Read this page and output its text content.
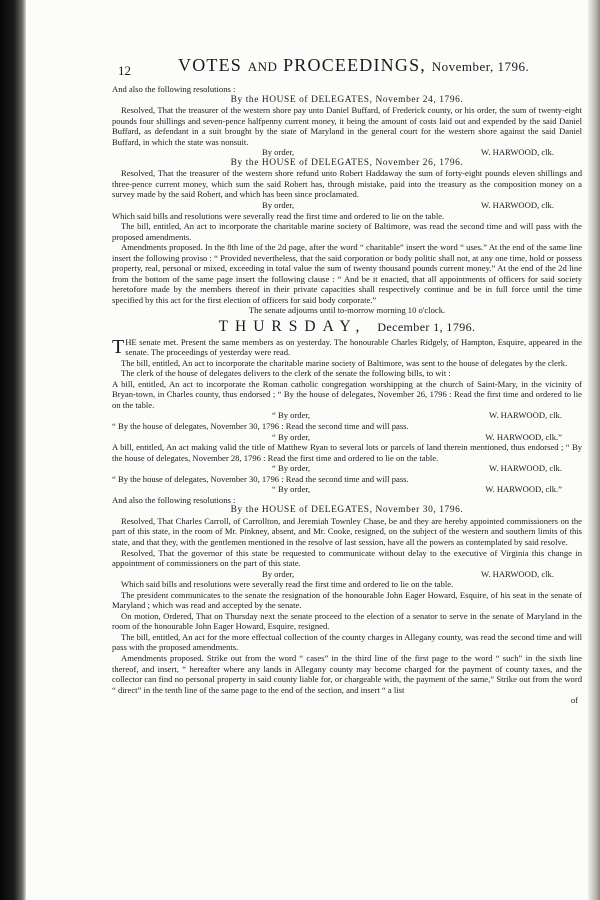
12	VOTES AND PROCEEDINGS, November, 1796.

And also the following resolutions :

By the HOUSE of DELEGATES, November 24, 1796.

Resolved, That the treasurer of the western shore pay unto Daniel Buffard, of Frederick county, or his order, the sum of twenty-eight pounds four shillings and seven-pence halfpenny current money, it being the amount of costs laid out and expended by the said Daniel Buffard, as defendant in a suit brought by the state of Maryland in the general court for the western shore against the said Daniel Buffard, in which the state was nonsuit.

By order,	W. HARWOOD, clk.

By the HOUSE of DELEGATES, November 26, 1796.

Resolved, That the treasurer of the western shore refund unto Robert Haddaway the sum of forty-eight pounds eleven shillings and three-pence current money, which sum the said Robert has, through mistake, paid into the treasury as the composition money on a survey made by the said Robert, and which has been since proclamated.

By order,	W. HARWOOD, clk.

Which said bills and resolutions were severally read the first time and ordered to lie on the table.

The bill, entitled, An act to incorporate the charitable marine society of Baltimore, was read the second time and will pass with the proposed amendments.

Amendments proposed. In the 8th line of the 2d page, after the word “ charitable” insert the word “ uses.” At the end of the same line insert the following proviso : “ Provided nevertheless, that the said corporation or body politic shall not, at any one time, hold or possess property, real, personal or mixed, exceeding in total value the sum of twenty thousand pounds current money.” At the end of the 2d line from the bottom of the same page insert the following clause : “ And be it enacted, that all appointments of officers for said society heretofore made by the members thereof in their private capacities shall respectively continue and be in full force until the time specified by this act for the first election of officers for said body corporate.”

The senate adjourns until to-morrow morning 10 o'clock.

THURSDAY, December 1, 1796.

THE senate met. Present the same members as on yesterday. The honourable Charles Ridgely, of Hampton, Esquire, appeared in the senate. The proceedings of yesterday were read.

The bill, entitled, An act to incorporate the charitable marine society of Baltimore, was sent to the house of delegates by the clerk.

The clerk of the house of delegates delivers to the clerk of the senate the following bills, to wit :

A bill, entitled, An act to incorporate the Roman catholic congregation worshipping at the church of Saint-Mary, in the vicinity of Bryan-town, in Charles county, thus endorsed ; “ By the house of delegates, November 26, 1796 : Read the first time and ordered to lie on the table.

“ By order,	W. HARWOOD, clk.

“ By the house of delegates, November 30, 1796 : Read the second time and will pass.

“ By order,	W. HARWOOD, clk.”

A bill, entitled, An act making valid the title of Matthew Ryan to several lots or parcels of land therein mentioned, thus endorsed ; “ By the house of delegates, November 28, 1796 : Read the first time and ordered to lie on the table.

“ By order,	W. HARWOOD, clk.

“ By the house of delegates, November 30, 1796 : Read the second time and will pass.

“ By order,	W. HARWOOD, clk.”

And also the following resolutions :

By the HOUSE of DELEGATES, November 30, 1796.

Resolved, That Charles Carroll, of Carrollton, and Jeremiah Townley Chase, be and they are hereby appointed commissioners on the part of this state, in the room of Mr. Pinkney, absent, and Mr. Cooke, resigned, on the subject of the western and southern limits of this state, and that they, with the gentlemen mentioned in the resolve of last session, have all the powers as contemplated by said resolve.

Resolved, That the governor of this state be requested to communicate without delay to the executive of Virginia this change in appointment of commissioners on the part of this state.

By order,	W. HARWOOD, clk.

Which said bills and resolutions were severally read the first time and ordered to lie on the table.

The president communicates to the senate the resignation of the honourable John Eager Howard, Esquire, of his seat in the senate of Maryland ; which was read and accepted by the senate.

On motion, Ordered, That on Thursday next the senate proceed to the election of a senator to serve in the senate of Maryland in the room of the honourable John Eager Howard, Esquire, resigned.

The bill, entitled, An act for the more effectual collection of the county charges in Allegany county, was read the second time and will pass with the proposed amendments.

Amendments proposed. Strike out from the word “ cases” in the third line of the first page to the word “ such” in the sixth line thereof, and insert, “ hereafter where any lands in Allegany county may become charged for the payment of county taxes, and the collector can find no personal property in said county liable for, or chargeable with, the payment of the same,” Strike out from the word “ direct” in the tenth line of the same page to the end of the section, and insert “ a list

of
